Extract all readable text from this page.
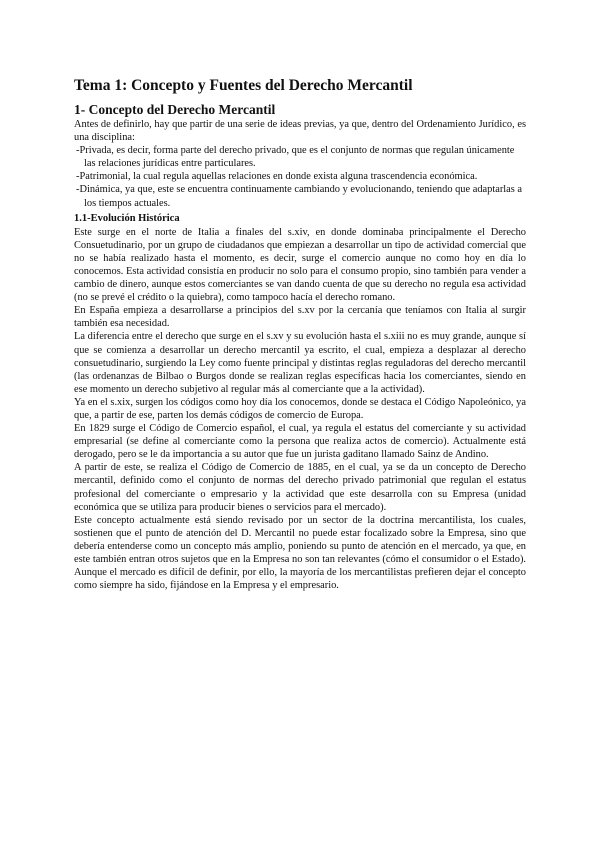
Tema 1: Concepto y Fuentes del Derecho Mercantil
1- Concepto del Derecho Mercantil

Antes de definirlo, hay que partir de una serie de ideas previas, ya que, dentro del Ordenamiento Jurídico, es una disciplina:

-Privada, es decir, forma parte del derecho privado, que es el conjunto de normas que regulan únicamente las relaciones jurídicas entre particulares.
-Patrimonial, la cual regula aquellas relaciones en donde exista alguna trascendencia económica.
-Dinámica, ya que, este se encuentra continuamente cambiando y evolucionando, teniendo que adaptarlas a los tiempos actuales.
1.1-Evolución Histórica

Este surge en el norte de Italia a finales del s.xiv, en donde dominaba principalmente el Derecho Consuetudinario, por un grupo de ciudadanos que empiezan a desarrollar un tipo de actividad comercial que no se había realizado hasta el momento, es decir, surge el comercio aunque no como hoy en día lo conocemos. Esta actividad consistía en producir no solo para el consumo propio, sino también para vender a cambio de dinero, aunque estos comerciantes se van dando cuenta de que su derecho no regula esa actividad (no se prevé el crédito o la quiebra), como tampoco hacía el derecho romano.

En España empieza a desarrollarse a principios del s.xv por la cercanía que teníamos con Italia al surgir también esa necesidad.

La diferencia entre el derecho que surge en el s.xv y su evolución hasta el s.xiii no es muy grande, aunque sí que se comienza a desarrollar un derecho mercantil ya escrito, el cual, empieza a desplazar al derecho consuetudinario, surgiendo la Ley como fuente principal y distintas reglas reguladoras del derecho mercantil (las ordenanzas de Bilbao o Burgos donde se realizan reglas específicas hacia los comerciantes, siendo en ese momento un derecho subjetivo al regular más al comerciante que a la actividad).

Ya en el s.xix, surgen los códigos como hoy día los conocemos, donde se destaca el Código Napoleónico, ya que, a partir de ese, parten los demás códigos de comercio de Europa.

En 1829 surge el Código de Comercio español, el cual, ya regula el estatus del comerciante y su actividad empresarial (se define al comerciante como la persona que realiza actos de comercio). Actualmente está derogado, pero se le da importancia a su autor que fue un jurista gaditano llamado Sainz de Andino.

A partir de este, se realiza el Código de Comercio de 1885, en el cual, ya se da un concepto de Derecho mercantil, definido como el conjunto de normas del derecho privado patrimonial que regulan el estatus profesional del comerciante o empresario y la actividad que este desarrolla con su Empresa (unidad económica que se utiliza para producir bienes o servicios para el mercado).

Este concepto actualmente está siendo revisado por un sector de la doctrina mercantilista, los cuales, sostienen que el punto de atención del D. Mercantil no puede estar focalizado sobre la Empresa, sino que debería entenderse como un concepto más amplio, poniendo su punto de atención en el mercado, ya que, en este también entran otros sujetos que en la Empresa no son tan relevantes (cómo el consumidor o el Estado). Aunque el mercado es difícil de definir, por ello, la mayoría de los mercantilistas prefieren dejar el concepto como siempre ha sido, fijándose en la Empresa y el empresario.
